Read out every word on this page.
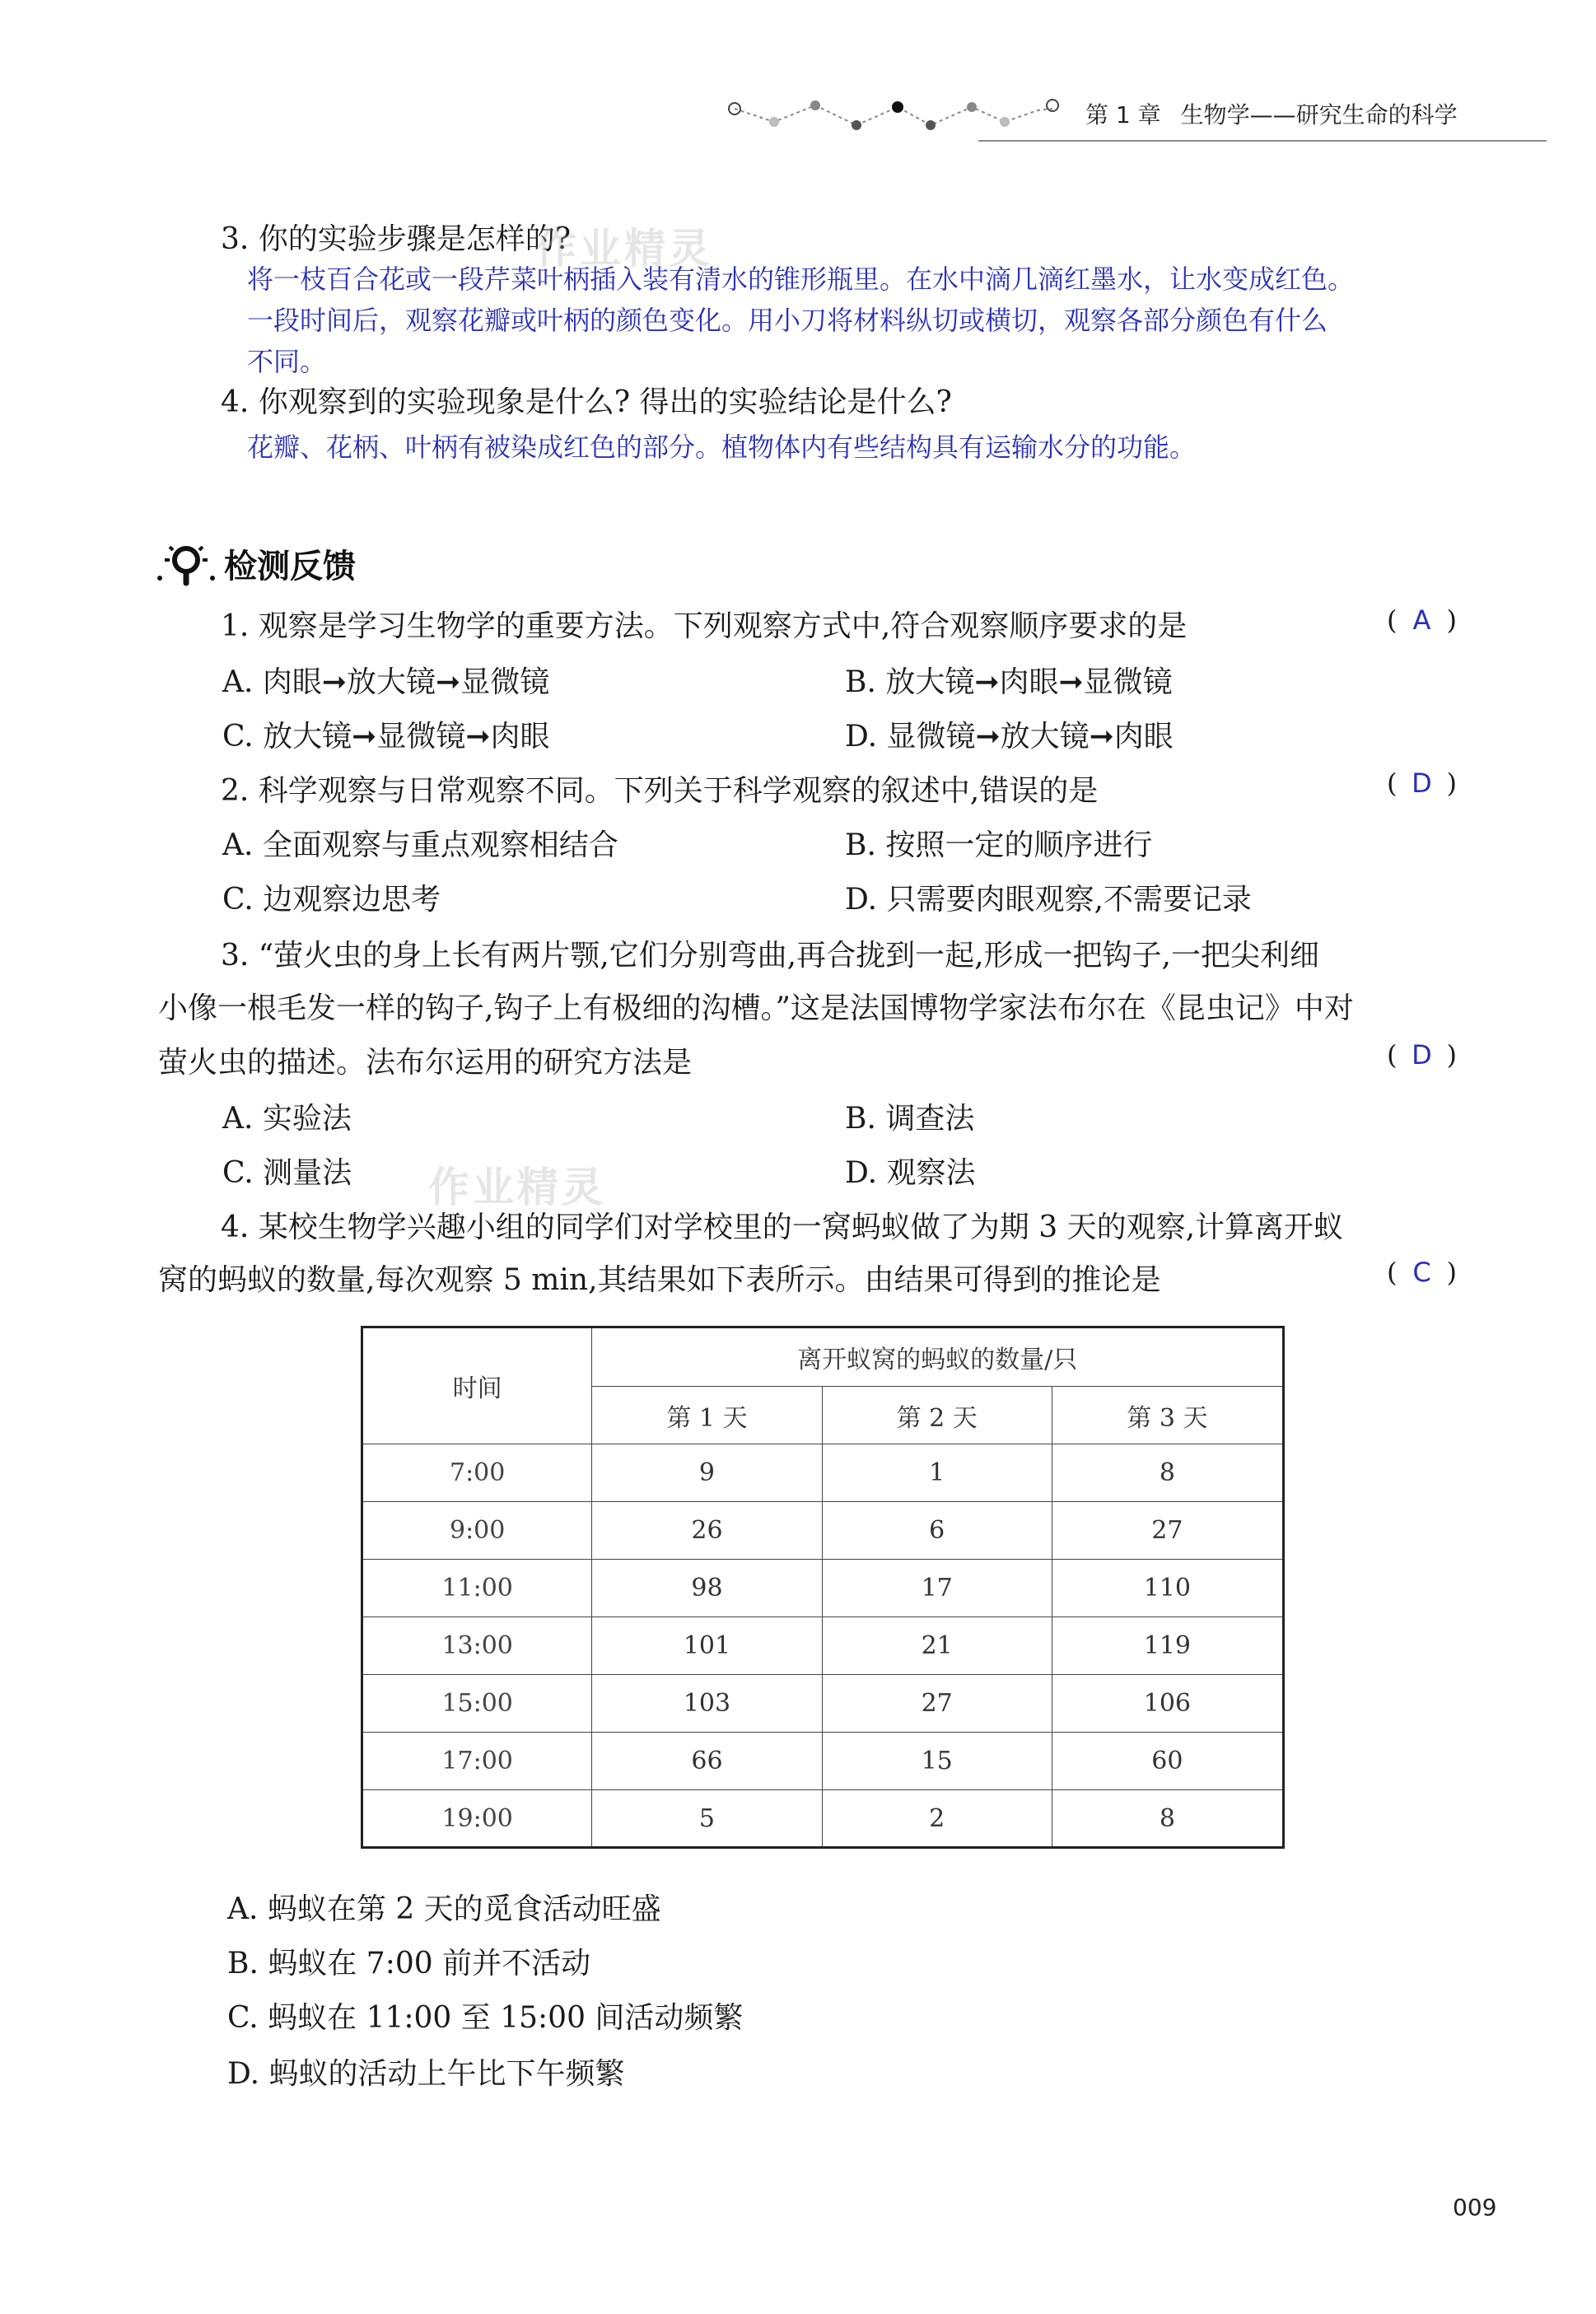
第 1 章 生物学——研究生命的科学
3. 你的实验步骤是怎样的?
作业精灵
将一枝百合花或一段芹菜叶柄插入装有清水的锥形瓶里。在水中滴几滴红墨水，让水变成红色。
一段时间后，观察花瓣或叶柄的颜色变化。用小刀将材料纵切或横切，观察各部分颜色有什么
不同。
4. 你观察到的实验现象是什么? 得出的实验结论是什么?
花瓣、花柄、叶柄有被染成红色的部分。植物体内有些结构具有运输水分的功能。
检测反馈
1. 观察是学习生物学的重要方法。下列观察方式中,符合观察顺序要求的是	( A )
A. 肉眼➞放大镜➞显微镜	B. 放大镜➞肉眼➞显微镜
C. 放大镜➞显微镜➞肉眼	D. 显微镜➞放大镜➞肉眼
2. 科学观察与日常观察不同。下列关于科学观察的叙述中,错误的是	( D )
A. 全面观察与重点观察相结合	B. 按照一定的顺序进行
C. 边观察边思考	D. 只需要肉眼观察,不需要记录
3. “萤火虫的身上长有两片颚,它们分别弯曲,再合拢到一起,形成一把钩子,一把尖利细
小像一根毛发一样的钩子,钩子上有极细的沟槽。”这是法国博物学家法布尔在《昆虫记》中对
萤火虫的描述。法布尔运用的研究方法是	( D )
A. 实验法	B. 调查法
C. 测量法	D. 观察法
作业精灵
4. 某校生物学兴趣小组的同学们对学校里的一窝蚂蚁做了为期 3 天的观察,计算离开蚁
窝的蚂蚁的数量,每次观察 5 min,其结果如下表所示。由结果可得到的推论是	( C )
时间	离开蚁窝的蚂蚁的数量/只		
	第 1 天	第 2 天	第 3 天
7:00	9	1	8
9:00	26	6	27
11:00	98	17	110
13:00	101	21	119
15:00	103	27	106
17:00	66	15	60
19:00	5	2	8
A. 蚂蚁在第 2 天的觅食活动旺盛
B. 蚂蚁在 7:00 前并不活动
C. 蚂蚁在 11:00 至 15:00 间活动频繁
D. 蚂蚁的活动上午比下午频繁
009
